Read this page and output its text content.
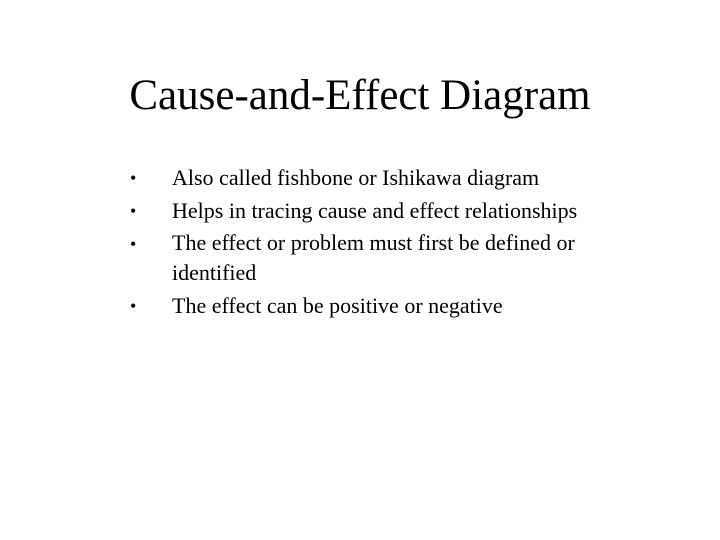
Cause-and-Effect Diagram
• Also called fishbone or Ishikawa diagram
• Helps in tracing cause and effect relationships
• The effect or problem must first be defined or identified
• The effect can be positive or negative
